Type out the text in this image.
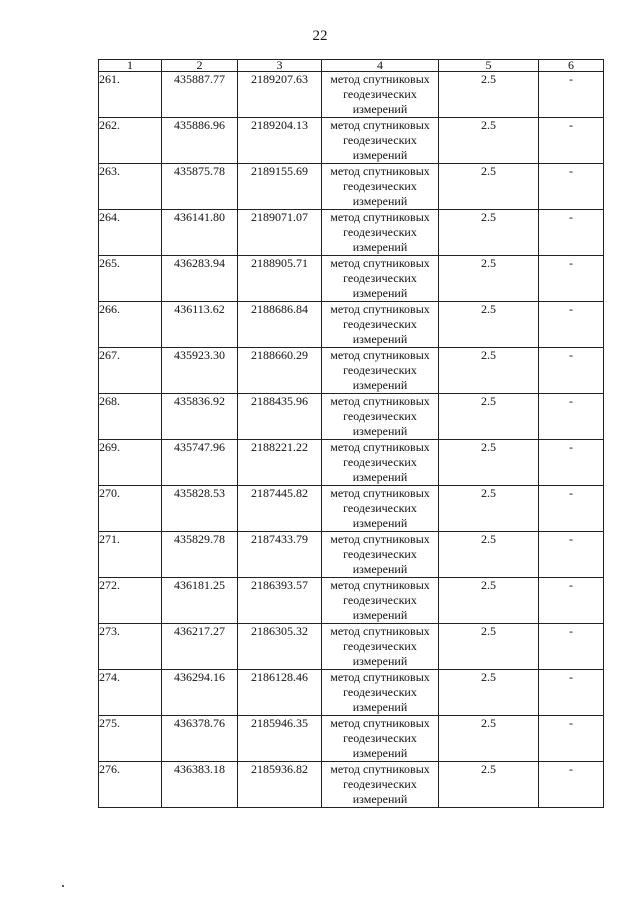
22
1	2	3	4	5	6
261.	435887.77	2189207.63	метод спутниковых геодезических измерений	2.5	-
262.	435886.96	2189204.13	метод спутниковых геодезических измерений	2.5	-
263.	435875.78	2189155.69	метод спутниковых геодезических измерений	2.5	-
264.	436141.80	2189071.07	метод спутниковых геодезических измерений	2.5	-
265.	436283.94	2188905.71	метод спутниковых геодезических измерений	2.5	-
266.	436113.62	2188686.84	метод спутниковых геодезических измерений	2.5	-
267.	435923.30	2188660.29	метод спутниковых геодезических измерений	2.5	-
268.	435836.92	2188435.96	метод спутниковых геодезических измерений	2.5	-
269.	435747.96	2188221.22	метод спутниковых геодезических измерений	2.5	-
270.	435828.53	2187445.82	метод спутниковых геодезических измерений	2.5	-
271.	435829.78	2187433.79	метод спутниковых геодезических измерений	2.5	-
272.	436181.25	2186393.57	метод спутниковых геодезических измерений	2.5	-
273.	436217.27	2186305.32	метод спутниковых геодезических измерений	2.5	-
274.	436294.16	2186128.46	метод спутниковых геодезических измерений	2.5	-
275.	436378.76	2185946.35	метод спутниковых геодезических измерений	2.5	-
276.	436383.18	2185936.82	метод спутниковых геодезических измерений	2.5	-
